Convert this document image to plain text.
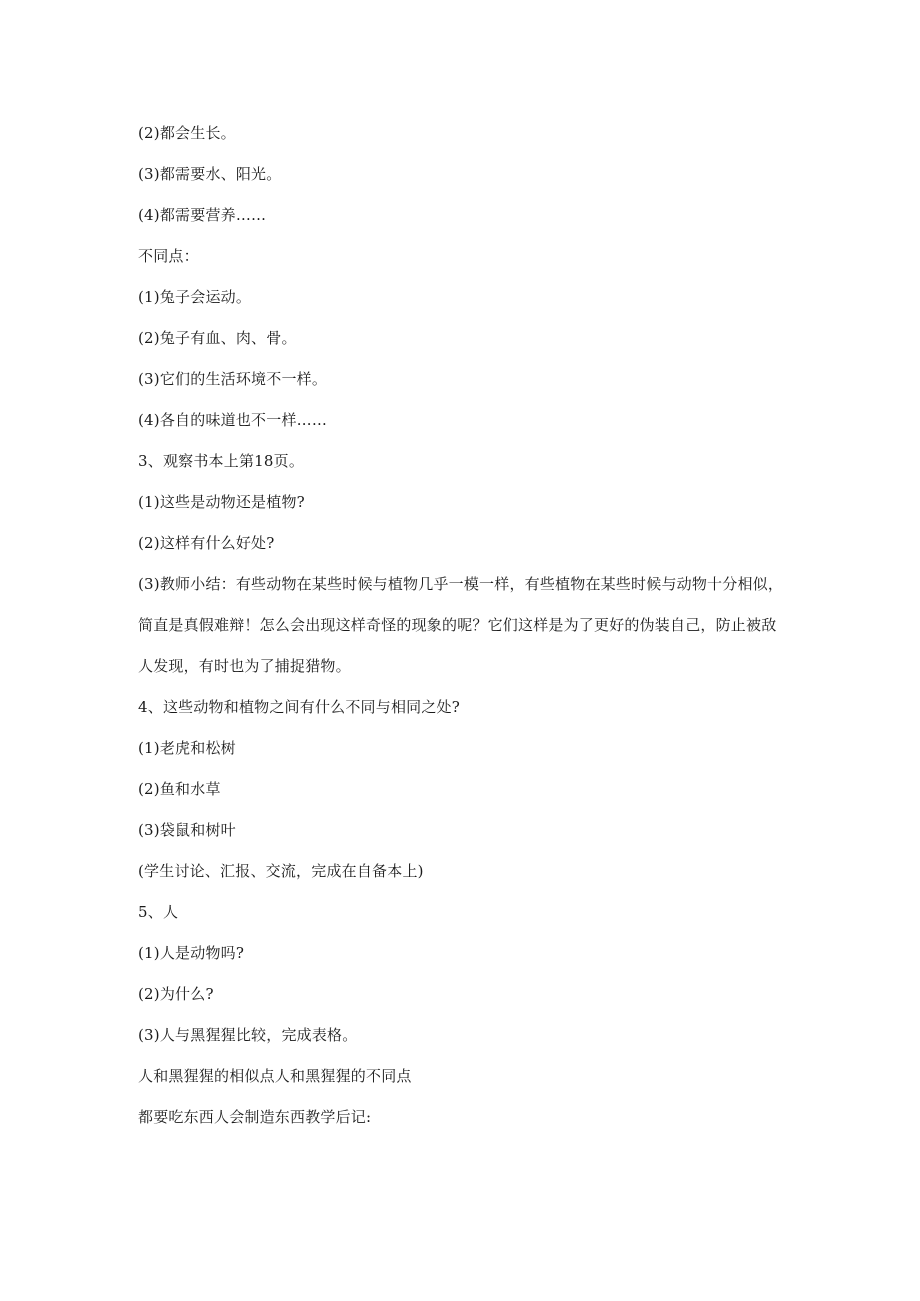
(2)都会生长。
(3)都需要水、阳光。
(4)都需要营养……
不同点：
(1)兔子会运动。
(2)兔子有血、肉、骨。
(3)它们的生活环境不一样。
(4)各自的味道也不一样……
3、观察书本上第18页。
(1)这些是动物还是植物?
(2)这样有什么好处?
(3)教师小结：有些动物在某些时候与植物几乎一模一样，有些植物在某些时候与动物十分相似，
简直是真假难辩！怎么会出现这样奇怪的现象的呢？它们这样是为了更好的伪装自己，防止被敌
人发现，有时也为了捕捉猎物。
4、这些动物和植物之间有什么不同与相同之处?
(1)老虎和松树
(2)鱼和水草
(3)袋鼠和树叶
(学生讨论、汇报、交流，完成在自备本上)
5、人
(1)人是动物吗?
(2)为什么?
(3)人与黑猩猩比较，完成表格。
人和黑猩猩的相似点人和黑猩猩的不同点
都要吃东西人会制造东西教学后记:
